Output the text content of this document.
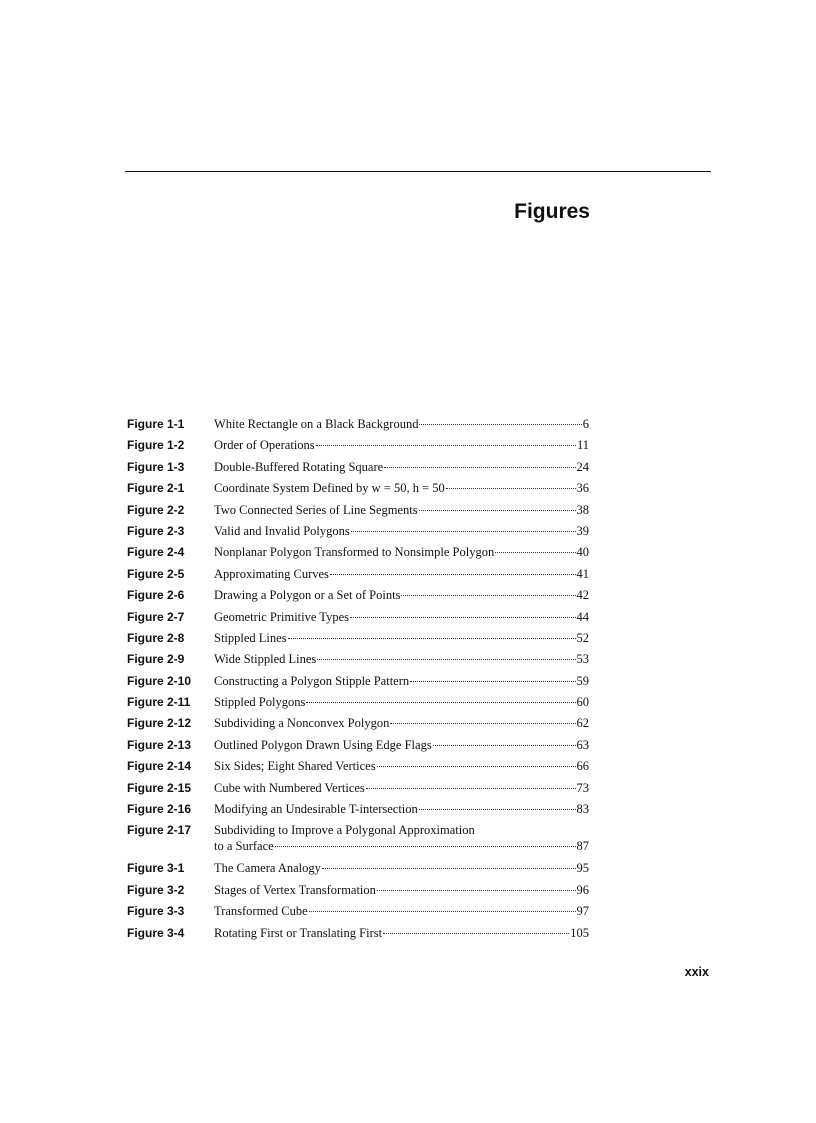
Figures
Figure 1-1	White Rectangle on a Black Background	6
Figure 1-2	Order of Operations	11
Figure 1-3	Double-Buffered Rotating Square	24
Figure 2-1	Coordinate System Defined by w = 50, h = 50	36
Figure 2-2	Two Connected Series of Line Segments	38
Figure 2-3	Valid and Invalid Polygons	39
Figure 2-4	Nonplanar Polygon Transformed to Nonsimple Polygon	40
Figure 2-5	Approximating Curves	41
Figure 2-6	Drawing a Polygon or a Set of Points	42
Figure 2-7	Geometric Primitive Types	44
Figure 2-8	Stippled Lines	52
Figure 2-9	Wide Stippled Lines	53
Figure 2-10	Constructing a Polygon Stipple Pattern	59
Figure 2-11	Stippled Polygons	60
Figure 2-12	Subdividing a Nonconvex Polygon	62
Figure 2-13	Outlined Polygon Drawn Using Edge Flags	63
Figure 2-14	Six Sides; Eight Shared Vertices	66
Figure 2-15	Cube with Numbered Vertices	73
Figure 2-16	Modifying an Undesirable T-intersection	83
Figure 2-17	Subdividing to Improve a Polygonal Approximation
to a Surface	87
Figure 3-1	The Camera Analogy	95
Figure 3-2	Stages of Vertex Transformation	96
Figure 3-3	Transformed Cube	97
Figure 3-4	Rotating First or Translating First	105
xxix
